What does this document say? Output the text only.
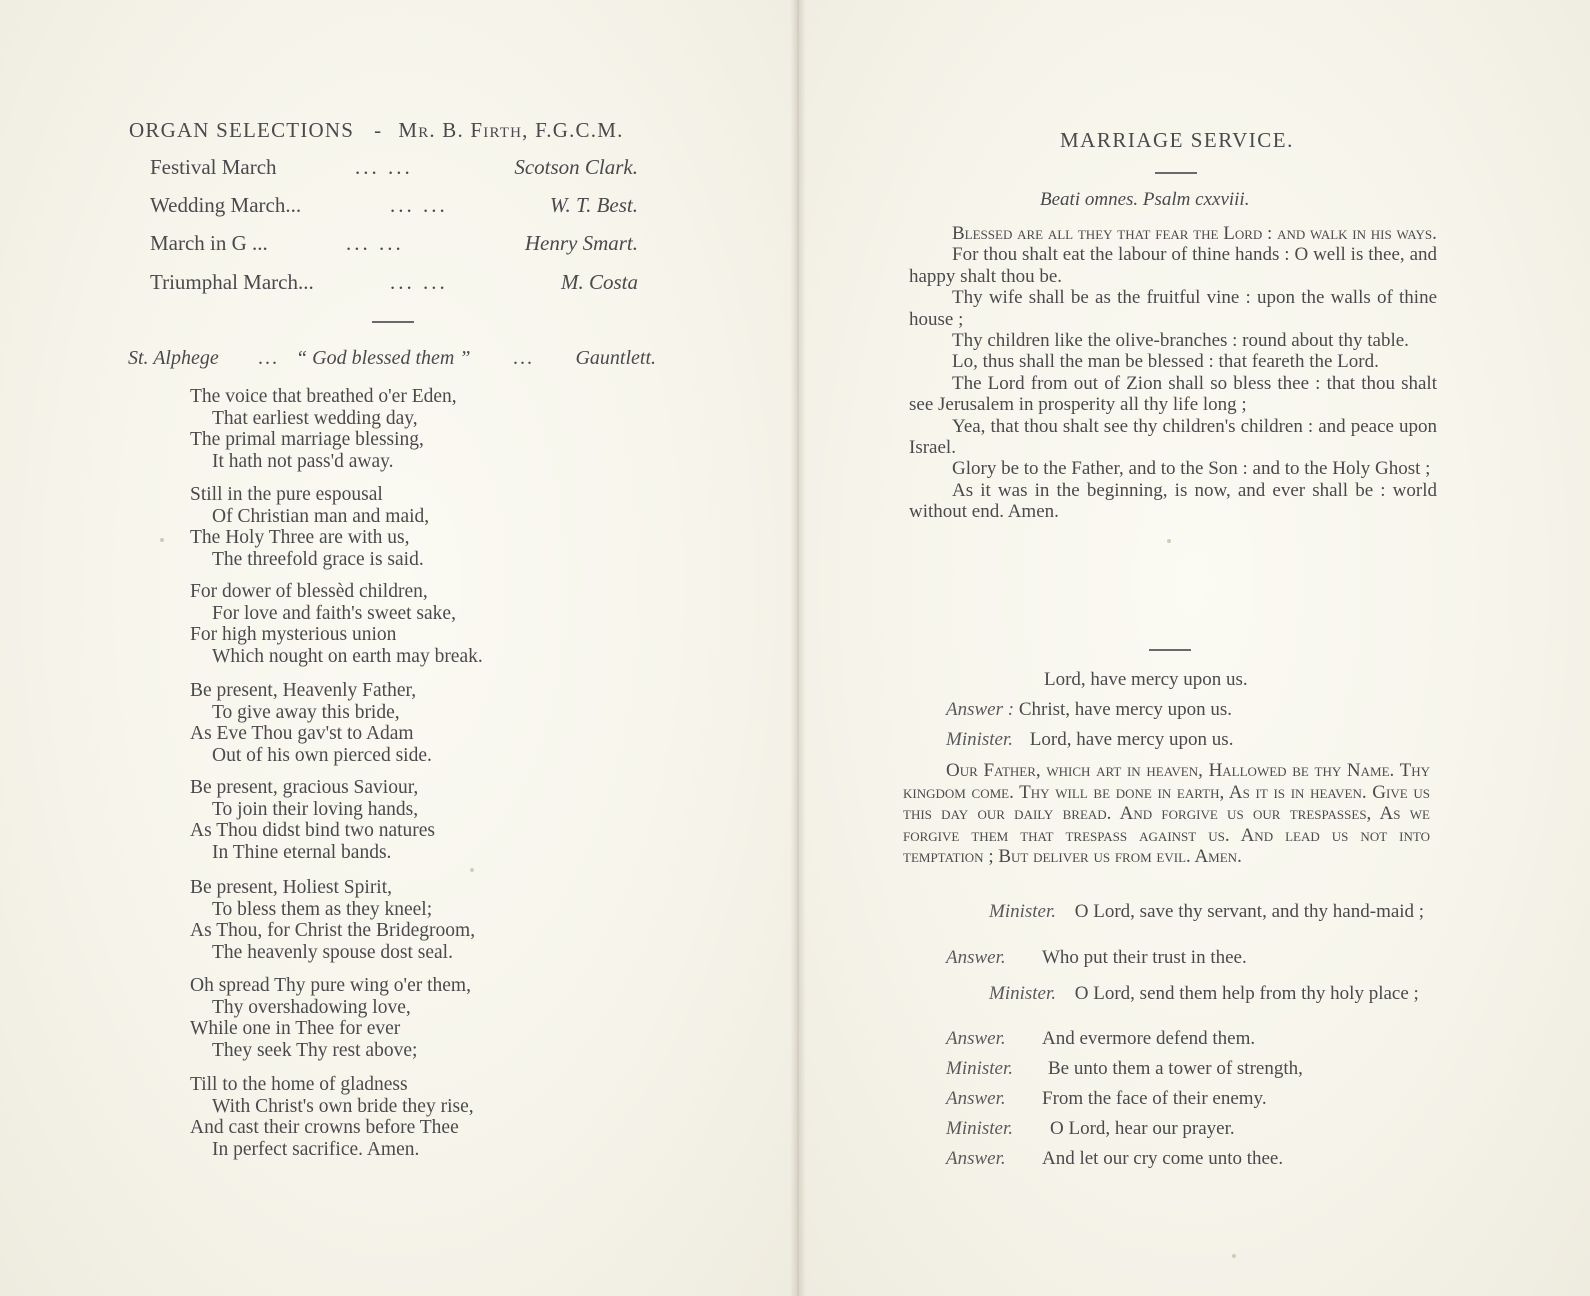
ORGAN SELECTIONS - Mr. B. Firth, F.G.C.M.
Festival March	... ...	Scotson Clark.
Wedding March...	... ...	W. T. Best.
March in G ...	... ...	Henry Smart.
Triumphal March...	... ...	M. Costa
St. Alphege ... “ God blessed them ” ... Gauntlett.
The voice that breathed o'er Eden,
That earliest wedding day,
The primal marriage blessing,
It hath not pass'd away.
Still in the pure espousal
Of Christian man and maid,
The Holy Three are with us,
The threefold grace is said.
For dower of blessèd children,
For love and faith's sweet sake,
For high mysterious union
Which nought on earth may break.
Be present, Heavenly Father,
To give away this bride,
As Eve Thou gav'st to Adam
Out of his own pierced side.
Be present, gracious Saviour,
To join their loving hands,
As Thou didst bind two natures
In Thine eternal bands.
Be present, Holiest Spirit,
To bless them as they kneel;
As Thou, for Christ the Bridegroom,
The heavenly spouse dost seal.
Oh spread Thy pure wing o'er them,
Thy overshadowing love,
While one in Thee for ever
They seek Thy rest above;
Till to the home of gladness
With Christ's own bride they rise,
And cast their crowns before Thee
In perfect sacrifice. Amen.
MARRIAGE SERVICE.
Beati omnes. Psalm cxxviii.
Blessed are all they that fear the Lord : and walk in his ways.
For thou shalt eat the labour of thine hands : O well is thee, and happy shalt thou be.
Thy wife shall be as the fruitful vine : upon the walls of thine house ;
Thy children like the olive-branches : round about thy table.
Lo, thus shall the man be blessed : that feareth the Lord.
The Lord from out of Zion shall so bless thee : that thou shalt see Jerusalem in prosperity all thy life long ;
Yea, that thou shalt see thy children's children : and peace upon Israel.
Glory be to the Father, and to the Son : and to the Holy Ghost ;
As it was in the beginning, is now, and ever shall be : world without end. Amen.
Lord, have mercy upon us.
Answer : Christ, have mercy upon us.
Minister. Lord, have mercy upon us.
Our Father, which art in heaven, Hallowed be thy Name. Thy kingdom come. Thy will be done in earth, As it is in heaven. Give us this day our daily bread. And forgive us our trespasses, As we forgive them that trespass against us. And lead us not into temptation ; But deliver us from evil. Amen.
Minister. O Lord, save thy servant, and thy hand-maid ;
Answer. Who put their trust in thee.
Minister. O Lord, send them help from thy holy place ;
Answer. And evermore defend them.
Minister. Be unto them a tower of strength,
Answer. From the face of their enemy.
Minister. O Lord, hear our prayer.
Answer. And let our cry come unto thee.
